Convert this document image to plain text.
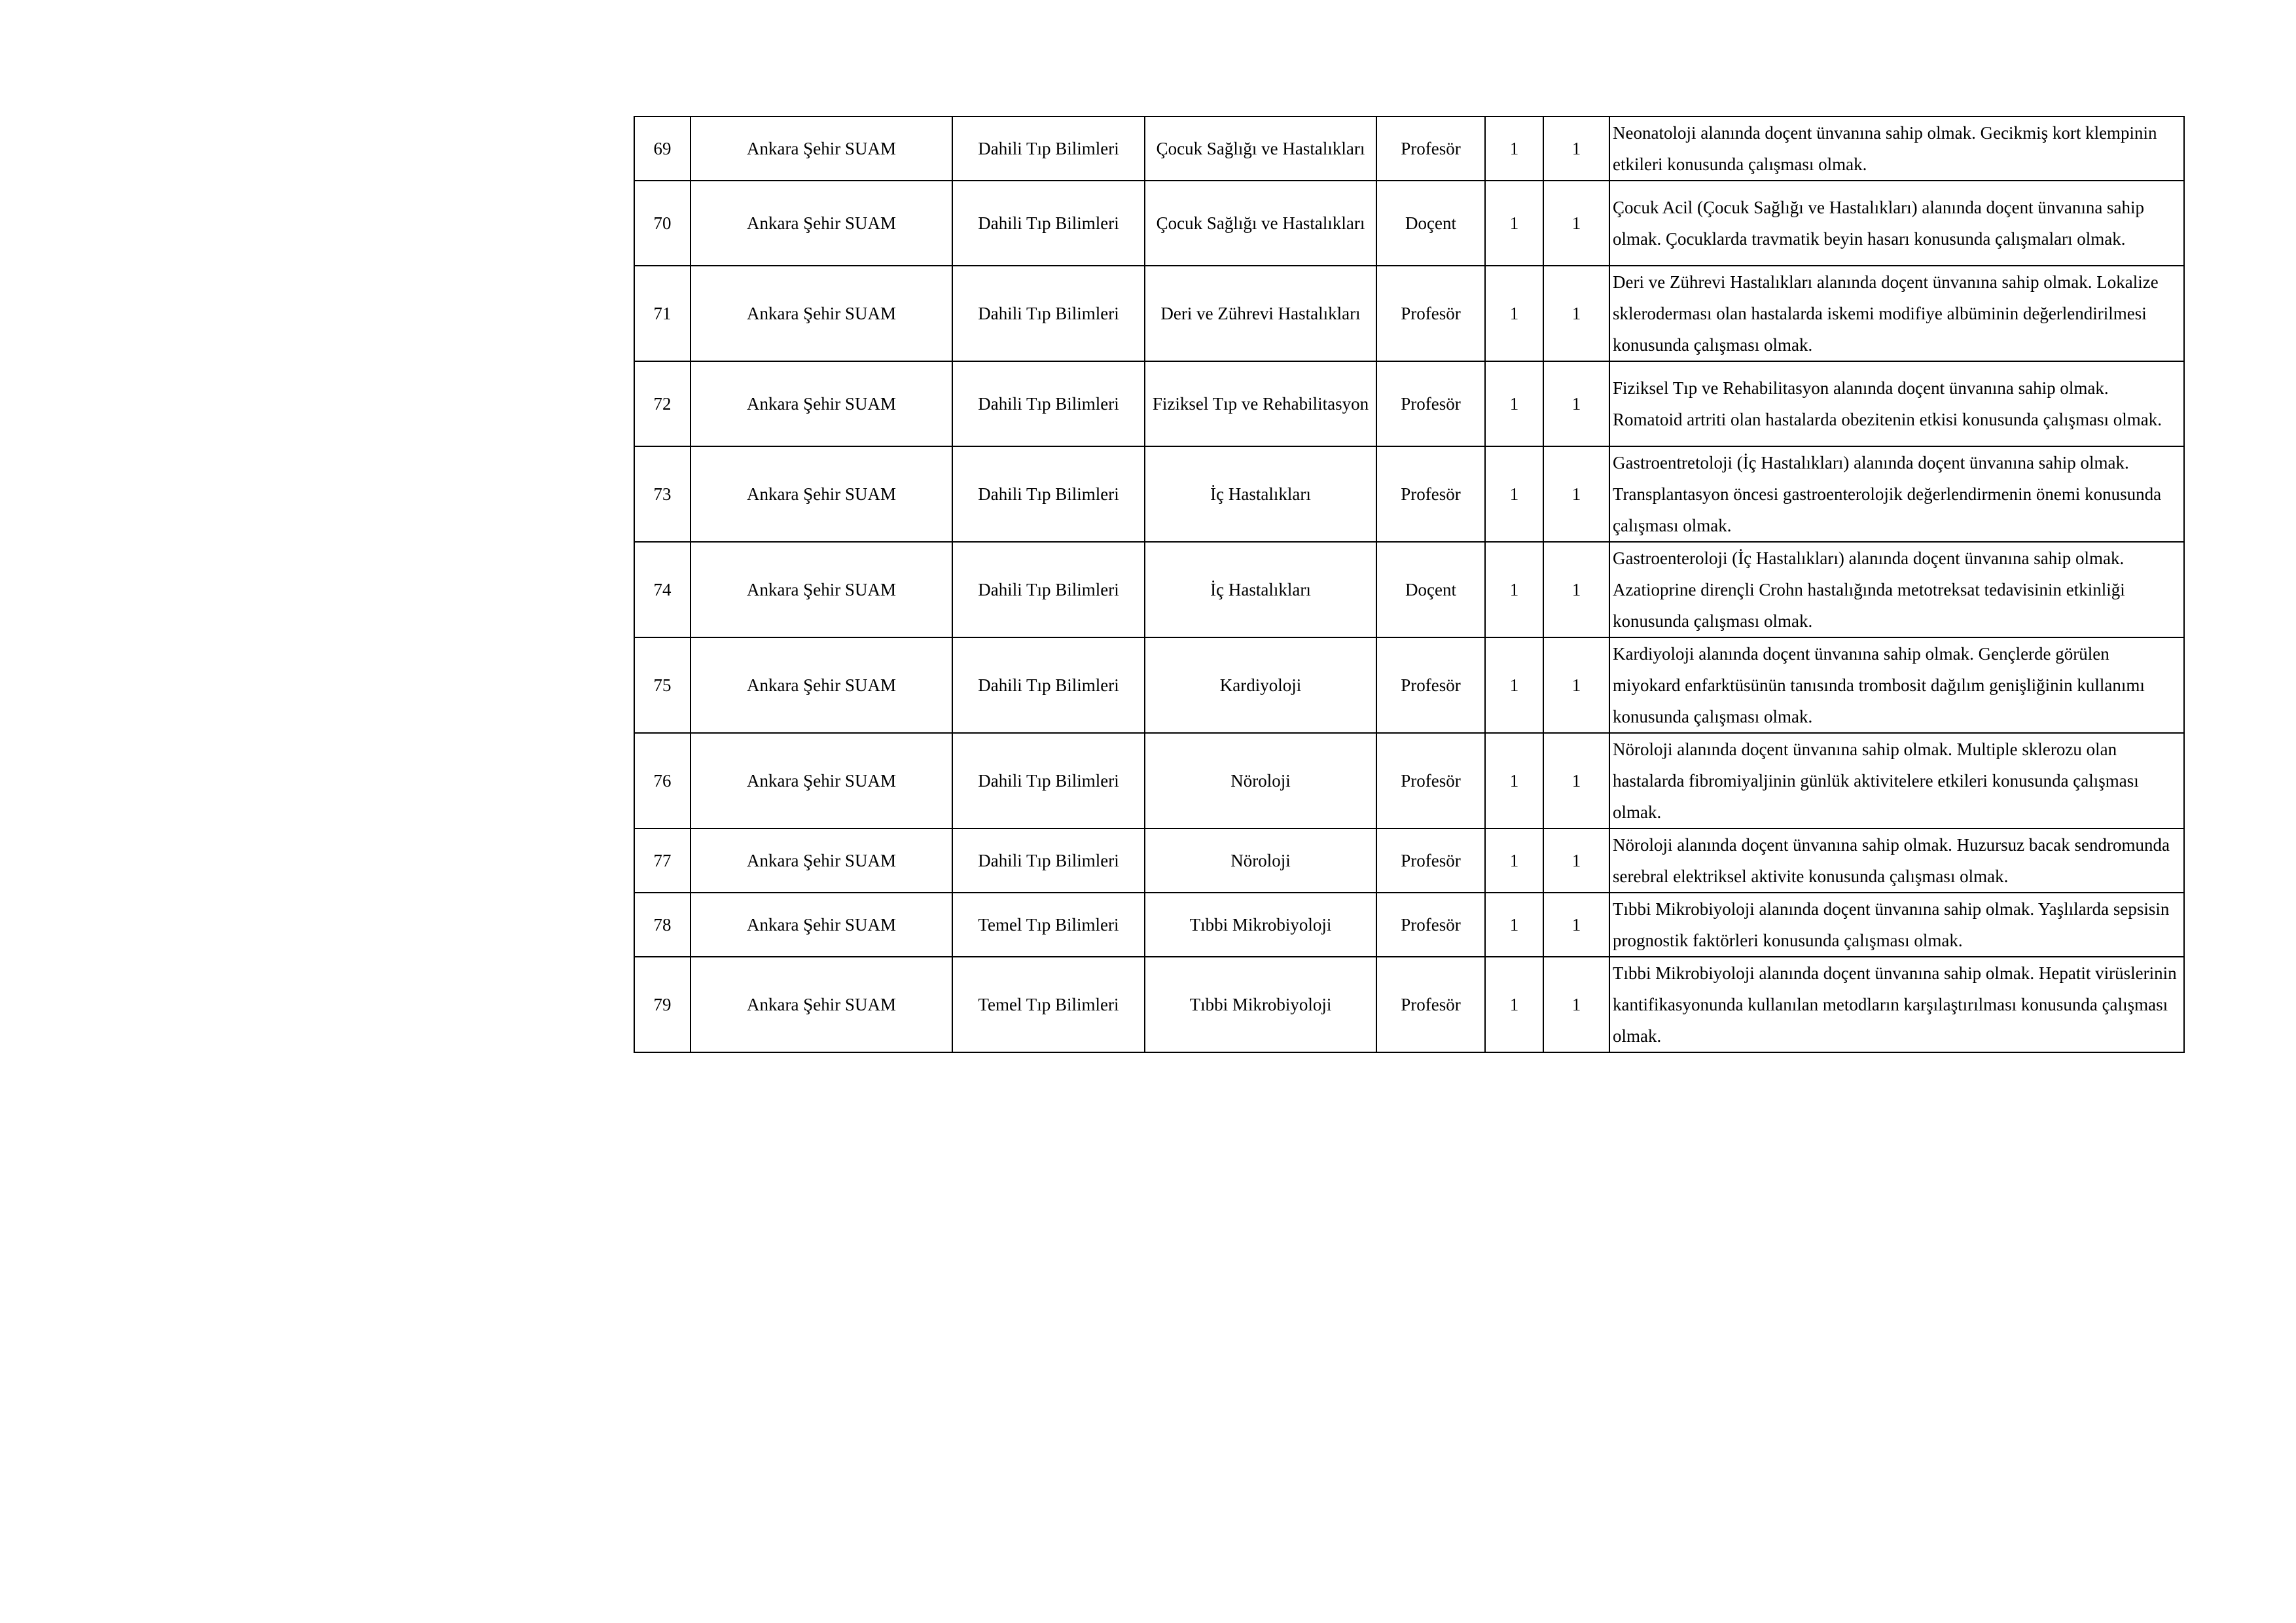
69	Ankara Şehir SUAM	Dahili Tıp Bilimleri	Çocuk Sağlığı ve Hastalıkları	Profesör	1	1	Neonatoloji alanında doçent ünvanına sahip olmak. Gecikmiş kort klempinin etkileri konusunda çalışması olmak.
70	Ankara Şehir SUAM	Dahili Tıp Bilimleri	Çocuk Sağlığı ve Hastalıkları	Doçent	1	1	Çocuk Acil (Çocuk Sağlığı ve Hastalıkları) alanında doçent ünvanına sahip olmak. Çocuklarda travmatik beyin hasarı konusunda çalışmaları olmak.
71	Ankara Şehir SUAM	Dahili Tıp Bilimleri	Deri ve Zührevi Hastalıkları	Profesör	1	1	Deri ve Zührevi Hastalıkları alanında doçent ünvanına sahip olmak. Lokalize skleroderması olan hastalarda iskemi modifiye albüminin değerlendirilmesi konusunda çalışması olmak.
72	Ankara Şehir SUAM	Dahili Tıp Bilimleri	Fiziksel Tıp ve Rehabilitasyon	Profesör	1	1	Fiziksel Tıp ve Rehabilitasyon alanında doçent ünvanına sahip olmak. Romatoid artriti olan hastalarda obezitenin etkisi konusunda çalışması olmak.
73	Ankara Şehir SUAM	Dahili Tıp Bilimleri	İç Hastalıkları	Profesör	1	1	Gastroentretoloji (İç Hastalıkları) alanında doçent ünvanına sahip olmak. Transplantasyon öncesi gastroenterolojik değerlendirmenin önemi konusunda çalışması olmak.
74	Ankara Şehir SUAM	Dahili Tıp Bilimleri	İç Hastalıkları	Doçent	1	1	Gastroenteroloji (İç Hastalıkları) alanında doçent ünvanına sahip olmak. Azatioprine dirençli Crohn hastalığında metotreksat tedavisinin etkinliği konusunda çalışması olmak.
75	Ankara Şehir SUAM	Dahili Tıp Bilimleri	Kardiyoloji	Profesör	1	1	Kardiyoloji alanında doçent ünvanına sahip olmak. Gençlerde görülen miyokard enfarktüsünün tanısında trombosit dağılım genişliğinin kullanımı konusunda çalışması olmak.
76	Ankara Şehir SUAM	Dahili Tıp Bilimleri	Nöroloji	Profesör	1	1	Nöroloji alanında doçent ünvanına sahip olmak. Multiple sklerozu olan hastalarda fibromiyaljinin günlük aktivitelere etkileri konusunda çalışması olmak.
77	Ankara Şehir SUAM	Dahili Tıp Bilimleri	Nöroloji	Profesör	1	1	Nöroloji alanında doçent ünvanına sahip olmak. Huzursuz bacak sendromunda serebral elektriksel aktivite konusunda çalışması olmak.
78	Ankara Şehir SUAM	Temel Tıp Bilimleri	Tıbbi Mikrobiyoloji	Profesör	1	1	Tıbbi Mikrobiyoloji alanında doçent ünvanına sahip olmak. Yaşlılarda sepsisin prognostik faktörleri konusunda çalışması olmak.
79	Ankara Şehir SUAM	Temel Tıp Bilimleri	Tıbbi Mikrobiyoloji	Profesör	1	1	Tıbbi Mikrobiyoloji alanında doçent ünvanına sahip olmak. Hepatit virüslerinin kantifikasyonunda kullanılan metodların karşılaştırılması konusunda çalışması olmak.
